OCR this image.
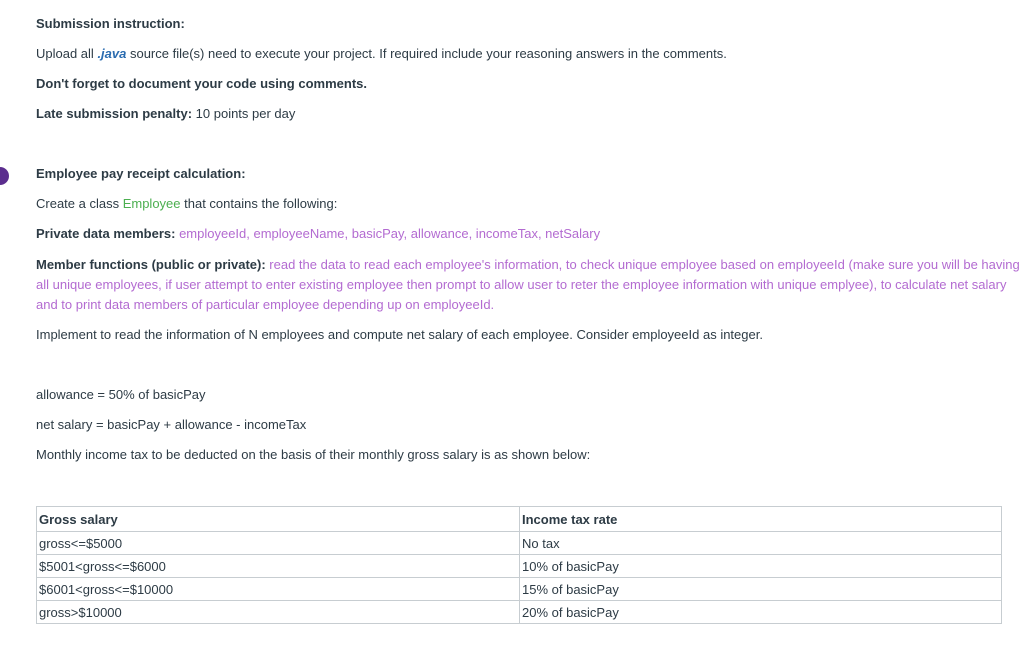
Submission instruction:

Upload all .java source file(s) need to execute your project. If required include your reasoning answers in the comments.

Don't forget to document your code using comments.

Late submission penalty: 10 points per day

Employee pay receipt calculation:

Create a class Employee that contains the following:

Private data members: employeeId, employeeName, basicPay, allowance, incomeTax, netSalary

Member functions (public or private): read the data to read each employee's information, to check unique employee based on employeeId (make sure you will be having all unique employees, if user attempt to enter existing employee then prompt to allow user to reter the employee information with unique emplyee), to calculate net salary and to print data members of particular employee depending up on employeeId.

Implement to read the information of N employees and compute net salary of each employee. Consider employeeId as integer.

allowance = 50% of basicPay

net salary = basicPay + allowance - incomeTax

Monthly income tax to be deducted on the basis of their monthly gross salary is as shown below:

Gross salary	Income tax rate
gross<=$5000	No tax
$5001<gross<=$6000	10% of basicPay
$6001<gross<=$10000	15% of basicPay
gross>$10000	20% of basicPay
